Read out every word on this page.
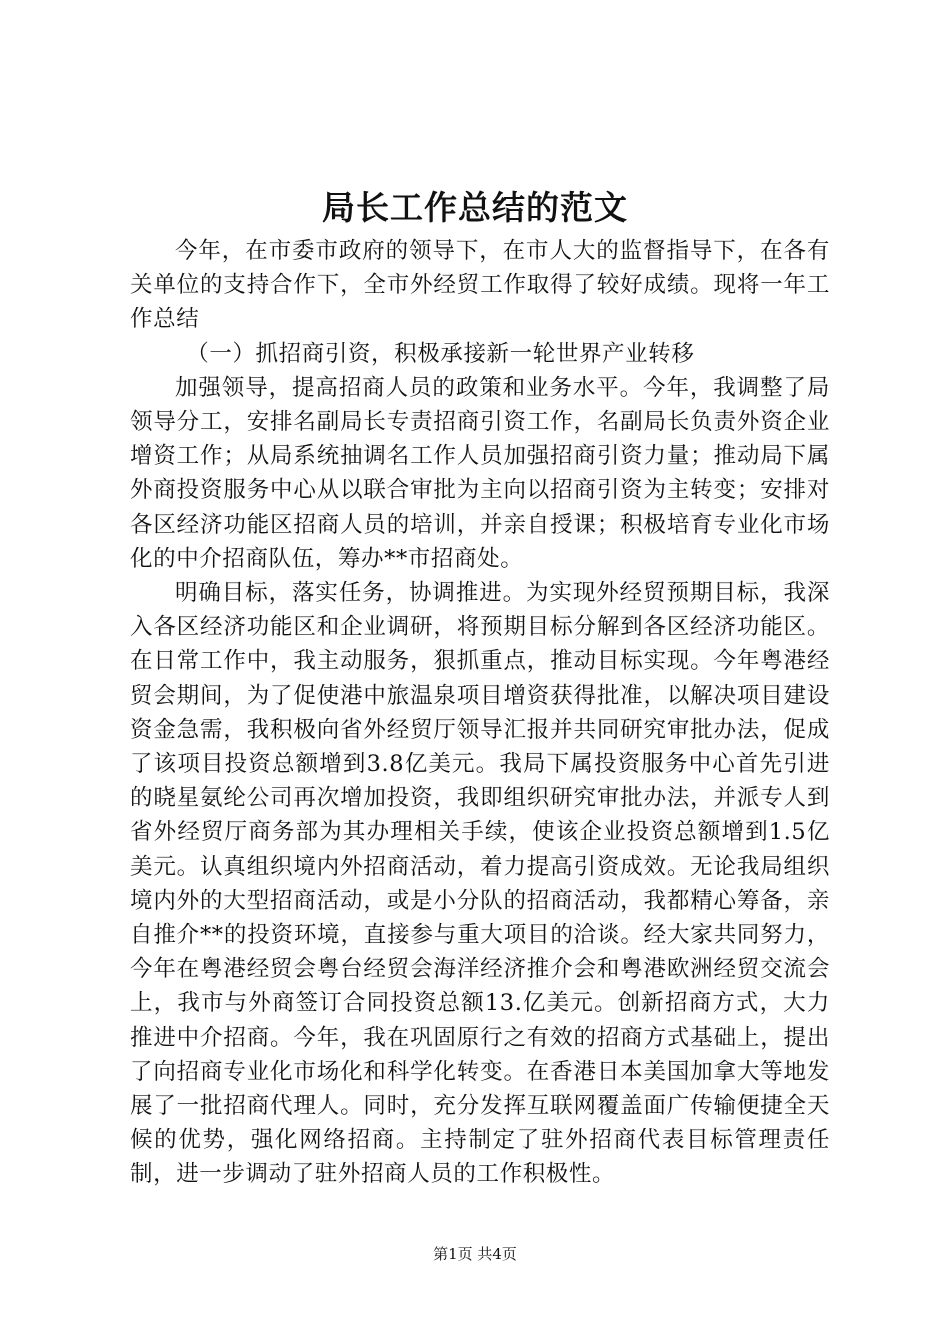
局长工作总结的范文

今年，在市委市政府的领导下，在市人大的监督指导下，在各有关单位的支持合作下，全市外经贸工作取得了较好成绩。现将一年工作总结

（一）抓招商引资，积极承接新一轮世界产业转移

加强领导，提高招商人员的政策和业务水平。今年，我调整了局领导分工，安排名副局长专责招商引资工作，名副局长负责外资企业增资工作；从局系统抽调名工作人员加强招商引资力量；推动局下属外商投资服务中心从以联合审批为主向以招商引资为主转变；安排对各区经济功能区招商人员的培训，并亲自授课；积极培育专业化市场化的中介招商队伍，筹办**市招商处。

明确目标，落实任务，协调推进。为实现外经贸预期目标，我深入各区经济功能区和企业调研，将预期目标分解到各区经济功能区。在日常工作中，我主动服务，狠抓重点，推动目标实现。今年粤港经贸会期间，为了促使港中旅温泉项目增资获得批准，以解决项目建设资金急需，我积极向省外经贸厅领导汇报并共同研究审批办法，促成了该项目投资总额增到3.8亿美元。我局下属投资服务中心首先引进的晓星氨纶公司再次增加投资，我即组织研究审批办法，并派专人到省外经贸厅商务部为其办理相关手续，使该企业投资总额增到1.5亿美元。认真组织境内外招商活动，着力提高引资成效。无论我局组织境内外的大型招商活动，或是小分队的招商活动，我都精心筹备，亲自推介**的投资环境，直接参与重大项目的洽谈。经大家共同努力，今年在粤港经贸会粤台经贸会海洋经济推介会和粤港欧洲经贸交流会上，我市与外商签订合同投资总额13.亿美元。创新招商方式，大力推进中介招商。今年，我在巩固原行之有效的招商方式基础上，提出了向招商专业化市场化和科学化转变。在香港日本美国加拿大等地发展了一批招商代理人。同时，充分发挥互联网覆盖面广传输便捷全天候的优势，强化网络招商。主持制定了驻外招商代表目标管理责任制，进一步调动了驻外招商人员的工作积极性。

第1页 共4页
